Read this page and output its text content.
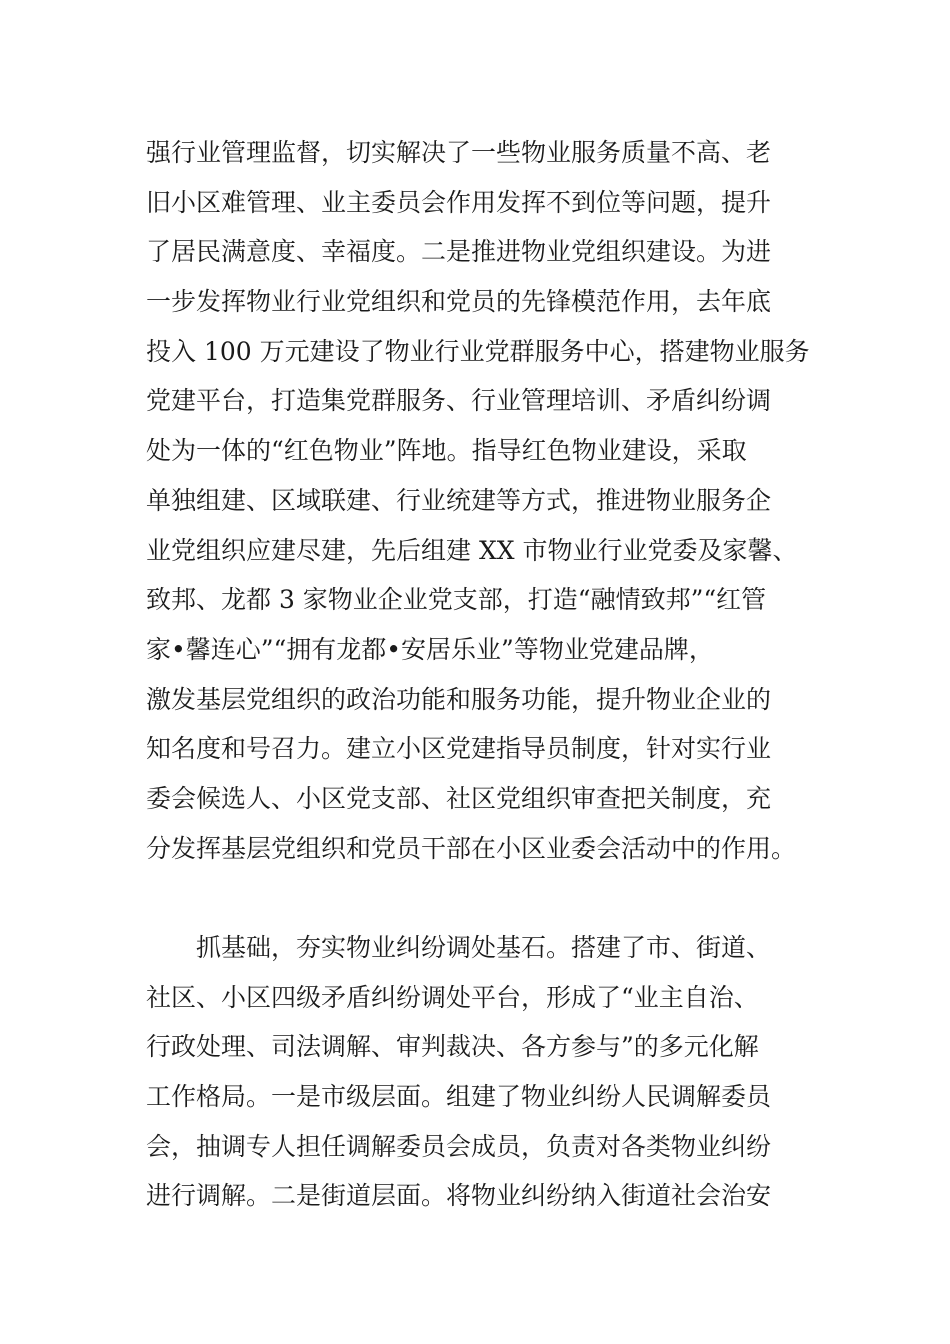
强行业管理监督，切实解决了一些物业服务质量不高、老
旧小区难管理、业主委员会作用发挥不到位等问题，提升
了居民满意度、幸福度。二是推进物业党组织建设。为进
一步发挥物业行业党组织和党员的先锋模范作用，去年底
投入 100 万元建设了物业行业党群服务中心，搭建物业服务
党建平台，打造集党群服务、行业管理培训、矛盾纠纷调
处为一体的“红色物业”阵地。指导红色物业建设，采取
单独组建、区域联建、行业统建等方式，推进物业服务企
业党组织应建尽建，先后组建 XX 市物业行业党委及家馨、
致邦、龙都 3 家物业企业党支部，打造“融情致邦”“红管
家•馨连心”“拥有龙都•安居乐业”等物业党建品牌，
激发基层党组织的政治功能和服务功能，提升物业企业的
知名度和号召力。建立小区党建指导员制度，针对实行业
委会候选人、小区党支部、社区党组织审查把关制度，充
分发挥基层党组织和党员干部在小区业委会活动中的作用。
　　抓基础，夯实物业纠纷调处基石。搭建了市、街道、
社区、小区四级矛盾纠纷调处平台，形成了“业主自治、
行政处理、司法调解、审判裁决、各方参与”的多元化解
工作格局。一是市级层面。组建了物业纠纷人民调解委员
会，抽调专人担任调解委员会成员，负责对各类物业纠纷
进行调解。二是街道层面。将物业纠纷纳入街道社会治安
